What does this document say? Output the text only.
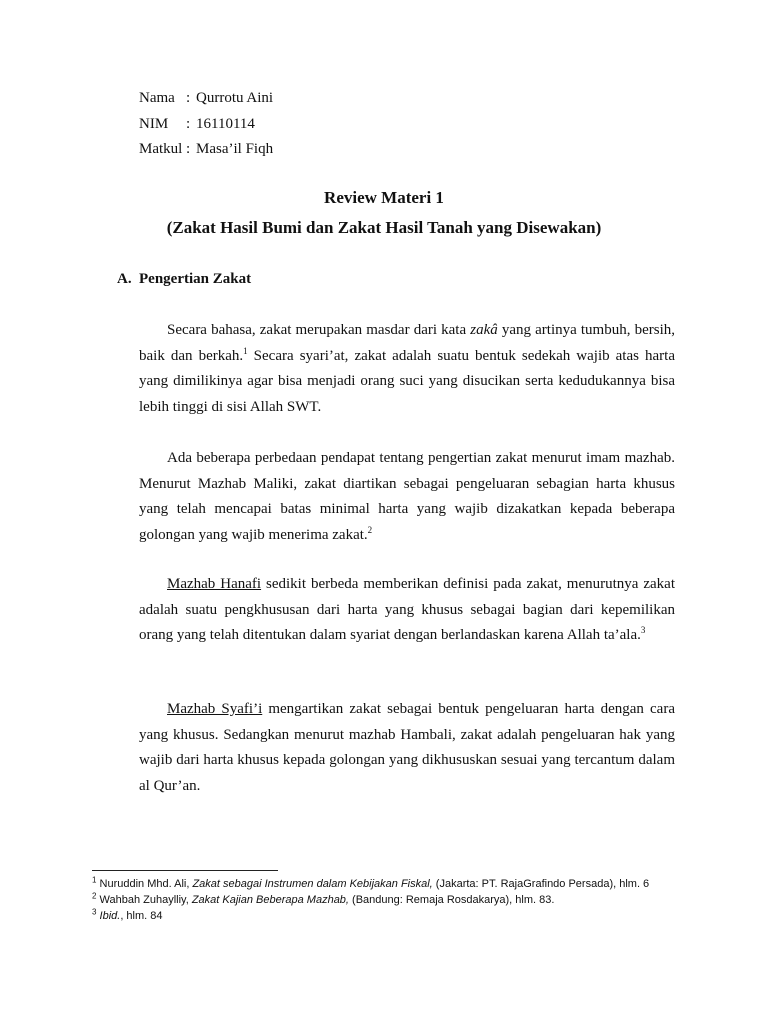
Nama : Qurrotu Aini
NIM : 16110114
Matkul : Masa’il Fiqh
Review Materi 1
(Zakat Hasil Bumi dan Zakat Hasil Tanah yang Disewakan)
A. Pengertian Zakat
Secara bahasa, zakat merupakan masdar dari kata zakâ yang artinya tumbuh, bersih, baik dan berkah.$^1$ Secara syari’at, zakat adalah suatu bentuk sedekah wajib atas harta yang dimilikinya agar bisa menjadi orang suci yang disucikan serta kedudukannya bisa lebih tinggi di sisi Allah SWT.
Ada beberapa perbedaan pendapat tentang pengertian zakat menurut imam mazhab. Menurut Mazhab Maliki, zakat diartikan sebagai pengeluaran sebagian harta khusus yang telah mencapai batas minimal harta yang wajib dizakatkan kepada beberapa golongan yang wajib menerima zakat.$^2$
Mazhab Hanafi sedikit berbeda memberikan definisi pada zakat, menurutnya zakat adalah suatu pengkhususan dari harta yang khusus sebagai bagian dari kepemilikan orang yang telah ditentukan dalam syariat dengan berlandaskan karena Allah ta’ala.$^3$
Mazhab Syafi’i mengartikan zakat sebagai bentuk pengeluaran harta dengan cara yang khusus. Sedangkan menurut mazhab Hambali, zakat adalah pengeluaran hak yang wajib dari harta khusus kepada golongan yang dikhususkan sesuai yang tercantum dalam al Qur’an.
$^1$ Nuruddin Mhd. Ali, Zakat sebagai Instrumen dalam Kebijakan Fiskal, (Jakarta: PT. RajaGrafindo Persada), hlm. 6
$^2$ Wahbah Zuhaylliy, Zakat Kajian Beberapa Mazhab, (Bandung: Remaja Rosdakarya), hlm. 83.
$^3$ Ibid., hlm. 84
